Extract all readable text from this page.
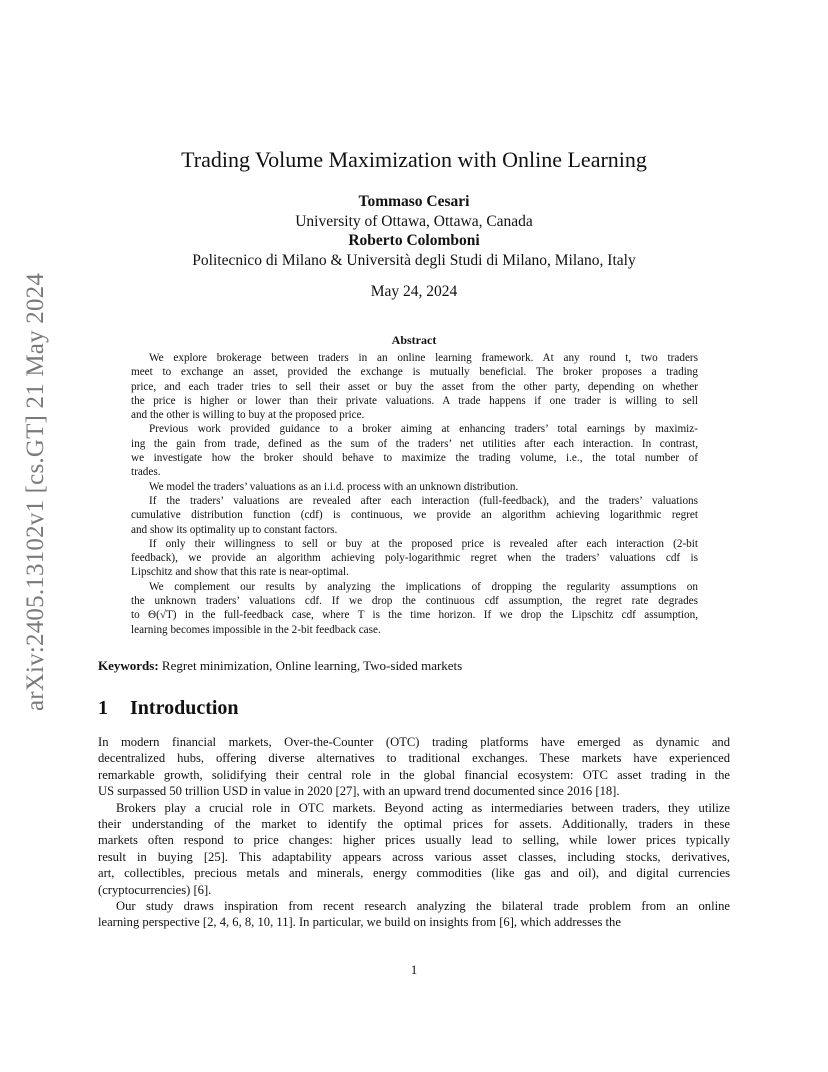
arXiv:2405.13102v1 [cs.GT] 21 May 2024
Trading Volume Maximization with Online Learning
Tommaso Cesari
University of Ottawa, Ottawa, Canada
Roberto Colomboni
Politecnico di Milano & Università degli Studi di Milano, Milano, Italy
May 24, 2024
Abstract
We explore brokerage between traders in an online learning framework. At any round t, two traders
meet to exchange an asset, provided the exchange is mutually beneficial. The broker proposes a trading
price, and each trader tries to sell their asset or buy the asset from the other party, depending on whether
the price is higher or lower than their private valuations. A trade happens if one trader is willing to sell
and the other is willing to buy at the proposed price.
Previous work provided guidance to a broker aiming at enhancing traders’ total earnings by maximiz-
ing the gain from trade, defined as the sum of the traders’ net utilities after each interaction. In contrast,
we investigate how the broker should behave to maximize the trading volume, i.e., the total number of
trades.
We model the traders’ valuations as an i.i.d. process with an unknown distribution.
If the traders’ valuations are revealed after each interaction (full-feedback), and the traders’ valuations
cumulative distribution function (cdf) is continuous, we provide an algorithm achieving logarithmic regret
and show its optimality up to constant factors.
If only their willingness to sell or buy at the proposed price is revealed after each interaction (2-bit
feedback), we provide an algorithm achieving poly-logarithmic regret when the traders’ valuations cdf is
Lipschitz and show that this rate is near-optimal.
We complement our results by analyzing the implications of dropping the regularity assumptions on
the unknown traders’ valuations cdf. If we drop the continuous cdf assumption, the regret rate degrades
to Θ(√T) in the full-feedback case, where T is the time horizon. If we drop the Lipschitz cdf assumption,
learning becomes impossible in the 2-bit feedback case.
Keywords: Regret minimization, Online learning, Two-sided markets
1 Introduction
In modern financial markets, Over-the-Counter (OTC) trading platforms have emerged as dynamic and
decentralized hubs, offering diverse alternatives to traditional exchanges. These markets have experienced
remarkable growth, solidifying their central role in the global financial ecosystem: OTC asset trading in the
US surpassed 50 trillion USD in value in 2020 [27], with an upward trend documented since 2016 [18].
Brokers play a crucial role in OTC markets. Beyond acting as intermediaries between traders, they utilize
their understanding of the market to identify the optimal prices for assets. Additionally, traders in these
markets often respond to price changes: higher prices usually lead to selling, while lower prices typically
result in buying [25]. This adaptability appears across various asset classes, including stocks, derivatives,
art, collectibles, precious metals and minerals, energy commodities (like gas and oil), and digital currencies
(cryptocurrencies) [6].
Our study draws inspiration from recent research analyzing the bilateral trade problem from an online
learning perspective [2, 4, 6, 8, 10, 11]. In particular, we build on insights from [6], which addresses the
1
